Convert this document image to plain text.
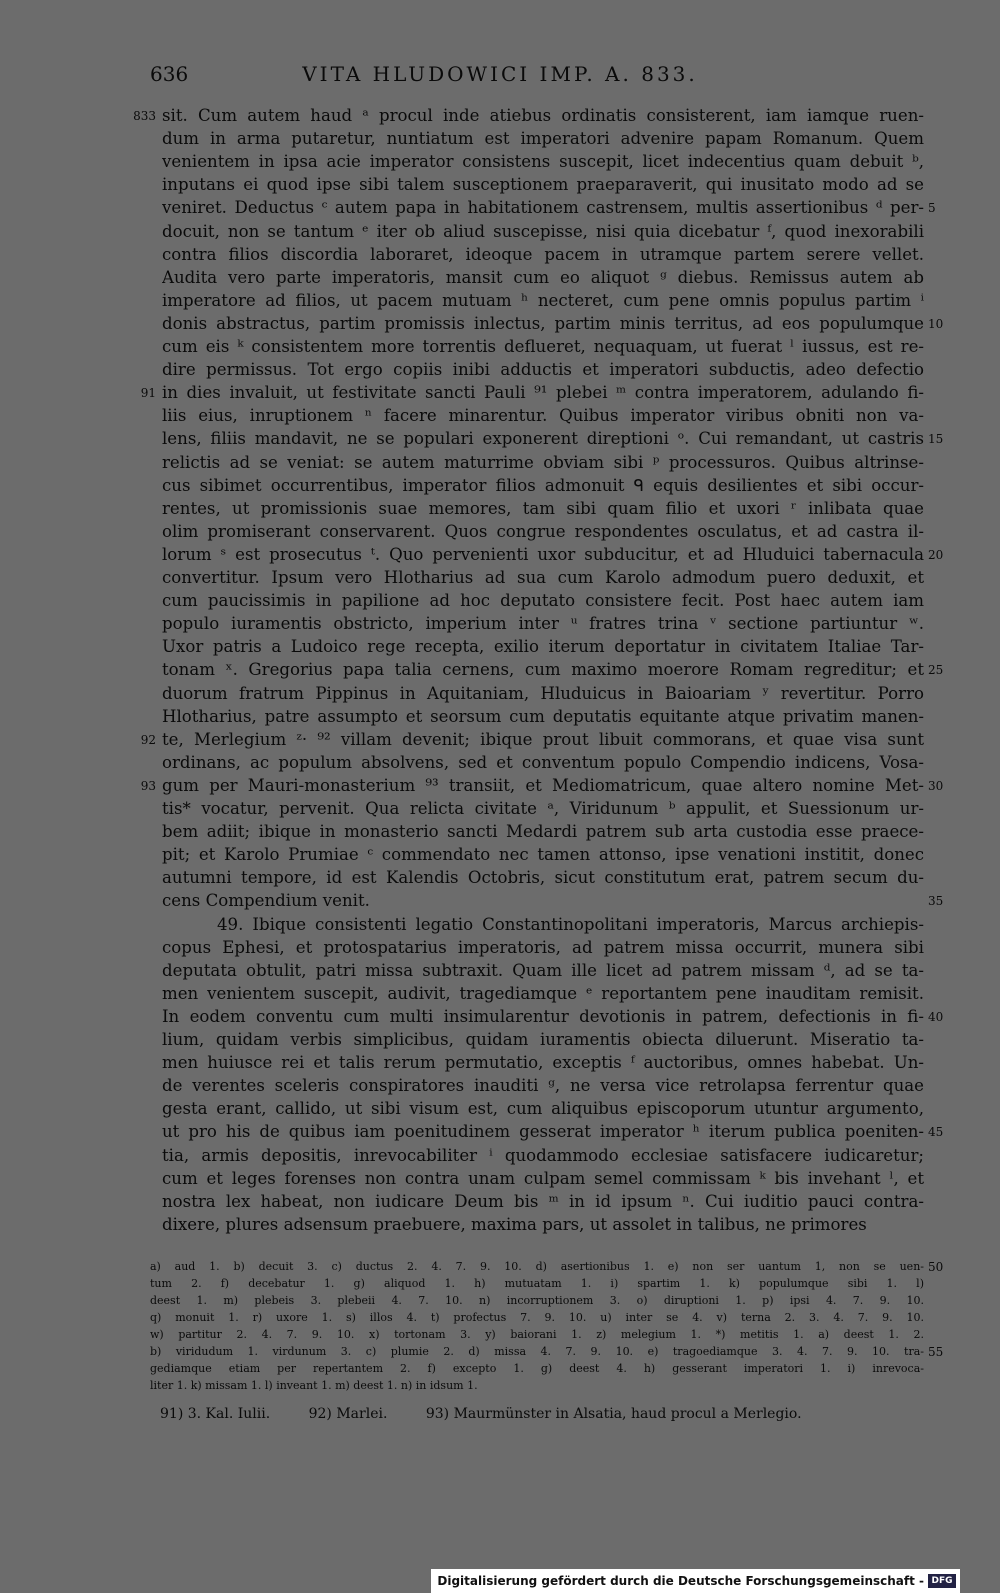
636	VITA HLUDOWICI IMP. A. 833.
sit. Cum autem haud ᵃ procul inde atiebus ordinatis consisterent, iam iamque ruen-
dum in arma putaretur, nuntiatum est imperatori advenire papam Romanum. Quem
venientem in ipsa acie imperator consistens suscepit, licet indecentius quam debuit ᵇ,
inputans ei quod ipse sibi talem susceptionem praeparaverit, qui inusitato modo ad se
veniret. Deductus ᶜ autem papa in habitationem castrensem, multis assertionibus ᵈ per-
docuit, non se tantum ᵉ iter ob aliud suscepisse, nisi quia dicebatur ᶠ, quod inexorabili
contra filios discordia laboraret, ideoque pacem in utramque partem serere vellet.
Audita vero parte imperatoris, mansit cum eo aliquot ᵍ diebus. Remissus autem ab
imperatore ad filios, ut pacem mutuam ʰ necteret, cum pene omnis populus partim ⁱ
donis abstractus, partim promissis inlectus, partim minis territus, ad eos populumque
cum eis ᵏ consistentem more torrentis deflueret, nequaquam, ut fuerat ˡ iussus, est re-
dire permissus. Tot ergo copiis inibi adductis et imperatori subductis, adeo defectio
in dies invaluit, ut festivitate sancti Pauli ⁹¹ plebei ᵐ contra imperatorem, adulando fi-
liis eius, inruptionem ⁿ facere minarentur. Quibus imperator viribus obniti non va-
lens, filiis mandavit, ne se populari exponerent direptioni ᵒ. Cui remandant, ut castris
relictis ad se veniat: se autem maturrime obviam sibi ᵖ processuros. Quibus altrinse-
cus sibimet occurrentibus, imperator filios admonuit ᑫ equis desilientes et sibi occur-
rentes, ut promissionis suae memores, tam sibi quam filio et uxori ʳ inlibata quae
olim promiserant conservarent. Quos congrue respondentes osculatus, et ad castra il-
lorum ˢ est prosecutus ᵗ. Quo pervenienti uxor subducitur, et ad Hluduici tabernacula
convertitur. Ipsum vero Hlotharius ad sua cum Karolo admodum puero deduxit, et
cum paucissimis in papilione ad hoc deputato consistere fecit. Post haec autem iam
populo iuramentis obstricto, imperium inter ᵘ fratres trina ᵛ sectione partiuntur ʷ.
Uxor patris a Ludoico rege recepta, exilio iterum deportatur in civitatem Italiae Tar-
tonam ˣ. Gregorius papa talia cernens, cum maximo moerore Romam regreditur; et
duorum fratrum Pippinus in Aquitaniam, Hluduicus in Baioariam ʸ revertitur. Porro
Hlotharius, patre assumpto et seorsum cum deputatis equitante atque privatim manen-
te, Merlegium ᶻ· ⁹² villam devenit; ibique prout libuit commorans, et quae visa sunt
ordinans, ac populum absolvens, sed et conventum populo Compendio indicens, Vosa-
gum per Mauri-monasterium ⁹³ transiit, et Mediomatricum, quae altero nomine Met-
tis* vocatur, pervenit. Qua relicta civitate ᵃ, Viridunum ᵇ appulit, et Suessionum ur-
bem adiit; ibique in monasterio sancti Medardi patrem sub arta custodia esse praece-
pit; et Karolo Prumiae ᶜ commendato nec tamen attonso, ipse venationi institit, donec
autumni tempore, id est Kalendis Octobris, sicut constitutum erat, patrem secum du-
cens Compendium venit.
49. Ibique consistenti legatio Constantinopolitani imperatoris, Marcus archiepis-
copus Ephesi, et protospatarius imperatoris, ad patrem missa occurrit, munera sibi
deputata obtulit, patri missa subtraxit. Quam ille licet ad patrem missam ᵈ, ad se ta-
men venientem suscepit, audivit, tragediamque ᵉ reportantem pene inauditam remisit.
In eodem conventu cum multi insimularentur devotionis in patrem, defectionis in fi-
lium, quidam verbis simplicibus, quidam iuramentis obiecta diluerunt. Miseratio ta-
men huiusce rei et talis rerum permutatio, exceptis ᶠ auctoribus, omnes habebat. Un-
de verentes sceleris conspiratores inauditi ᵍ, ne versa vice retrolapsa ferrentur quae
gesta erant, callido, ut sibi visum est, cum aliquibus episcoporum utuntur argumento,
ut pro his de quibus iam poenitudinem gesserat imperator ʰ iterum publica poeniten-
tia, armis depositis, inrevocabiliter ⁱ quodammodo ecclesiae satisfacere iudicaretur;
cum et leges forenses non contra unam culpam semel commissam ᵏ bis invehant ˡ, et
nostra lex habeat, non iudicare Deum bis ᵐ in id ipsum ⁿ. Cui iuditio pauci contra-
dixere, plures adsensum praebuere, maxima pars, ut assolet in talibus, ne primores
5
10
15
20
25
30
35
40
45
833
91
92
93
a) aud 1. b) decuit 3. c) ductus 2. 4. 7. 9. 10. d) asertionibus 1. e) non ser uantum 1, non se uen-
tum 2. f) decebatur 1. g) aliquod 1. h) mutuatam 1. i) spartim 1. k) populumque sibi 1. l)
deest 1. m) plebeis 3. plebeii 4. 7. 10. n) incorruptionem 3. o) diruptioni 1. p) ipsi 4. 7. 9. 10.
q) monuit 1. r) uxore 1. s) illos 4. t) profectus 7. 9. 10. u) inter se 4. v) terna 2. 3. 4. 7. 9. 10.
w) partitur 2. 4. 7. 9. 10. x) tortonam 3. y) baiorani 1. z) melegium 1. *) metitis 1. a) deest 1. 2.
b) viridudum 1. virdunum 3. c) plumie 2. d) missa 4. 7. 9. 10. e) tragoediamque 3. 4. 7. 9. 10. tra-
gediamque etiam per repertantem 2. f) excepto 1. g) deest 4. h) gesserant imperatori 1. i) inrevoca-
liter 1. k) missam 1. l) inveant 1. m) deest 1. n) in idsum 1.
50
55
91) 3. Kal. Iulii.	92) Marlei.	93) Maurmünster in Alsatia, haud procul a Merlegio.
Digitalisierung gefördert durch die Deutsche Forschungsgemeinschaft - DFG
